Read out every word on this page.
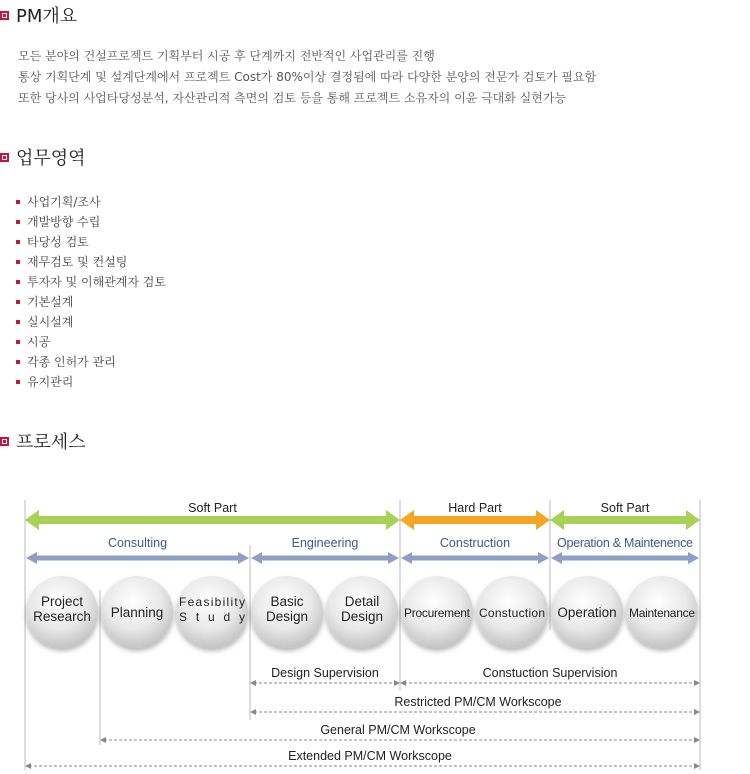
PM개요
모든 분야의 건설프로젝트 기획부터 시공 후 단계까지 전반적인 사업관리를 진행
통상 기획단계 및 설계단계에서 프로젝트 Cost가 80%이상 결정됨에 따라 다양한 분양의 전문가 검토가 필요함
또한 당사의 사업타당성분석, 자산관리적 측면의 검토 등을 통해 프로젝트 소유자의 이윤 극대화 실현가능
업무영역
사업기획/조사
개발방향 수립
타당성 검토
재무검토 및 컨설팅
투자자 및 이해관계자 검토
기본설계
실시설계
시공
각종 인허가 관리
유지관리
프로세스
Soft Part	Hard Part	Soft Part
Consulting	Engineering	Construction	Operation & Maintenence
Project
Research Planning
Feasibility
Study
Basic
Design
Detail
Design Procurement Constuction Operation Maintenance
Design Supervision	Constuction Supervision
Restricted PM/CM Workscope
General PM/CM Workscope
Extended PM/CM Workscope
